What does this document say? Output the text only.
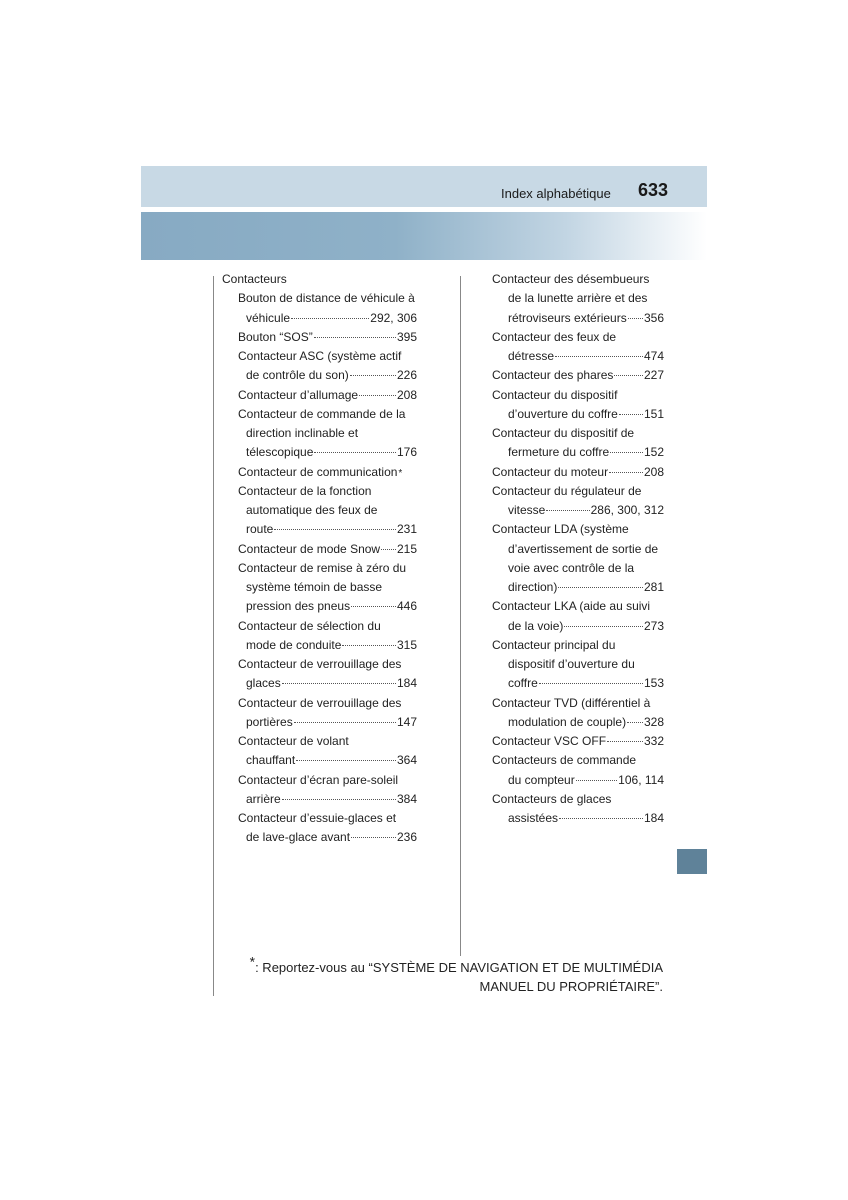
Index alphabétique 633
Contacteurs
Bouton de distance de véhicule à
véhicule	292, 306
Bouton “SOS”	395
Contacteur ASC (système actif
de contrôle du son)	226
Contacteur d’allumage	208
Contacteur de commande de la
direction inclinable et
télescopique	176
Contacteur de communication *
Contacteur de la fonction
automatique des feux de
route	231
Contacteur de mode Snow 215
Contacteur de remise à zéro du
système témoin de basse
pression des pneus	446
Contacteur de sélection du
mode de conduite	315
Contacteur de verrouillage des
glaces	184
Contacteur de verrouillage des
portières	147
Contacteur de volant
chauffant	364
Contacteur d’écran pare-soleil
arrière	384
Contacteur d’essuie-glaces et
de lave-glace avant	236
Contacteur des désembueurs
de la lunette arrière et des
rétroviseurs extérieurs 356
Contacteur des feux de
détresse	474
Contacteur des phares	227
Contacteur du dispositif
d’ouverture du coffre 151
Contacteur du dispositif de
fermeture du coffre	152
Contacteur du moteur	208
Contacteur du régulateur de
vitesse	286, 300, 312
Contacteur LDA (système
d’avertissement de sortie de
voie avec contrôle de la
direction)	281
Contacteur LKA (aide au suivi
de la voie)	273
Contacteur principal du
dispositif d’ouverture du
coffre	153
Contacteur TVD (différentiel à
modulation de couple) 328
Contacteur VSC OFF	332
Contacteurs de commande
du compteur	106, 114
Contacteurs de glaces
assistées	184
*: Reportez-vous au “SYSTÈME DE NAVIGATION ET DE MULTIMÉDIA
MANUEL DU PROPRIÉTAIRE”.
